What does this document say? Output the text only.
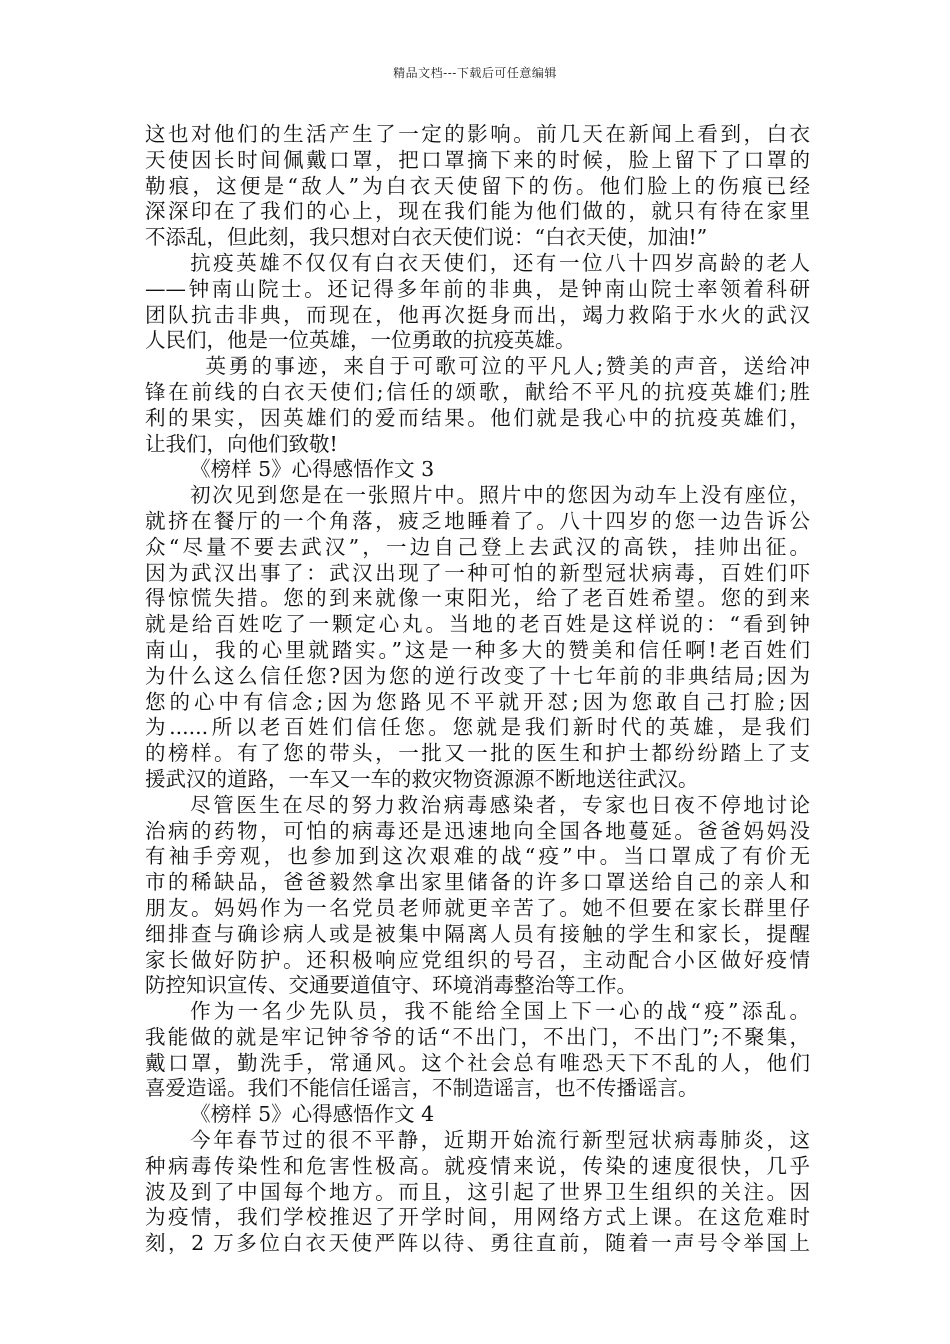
精品文档---下载后可任意编辑
这也对他们的生活产生了一定的影响。前几天在新闻上看到，白衣
天使因长时间佩戴口罩，把口罩摘下来的时候，脸上留下了口罩的
勒痕，这便是“敌人”为白衣天使留下的伤。他们脸上的伤痕已经
深深印在了我们的心上，现在我们能为他们做的，就只有待在家里
不添乱，但此刻，我只想对白衣天使们说：“白衣天使，加油!”
抗疫英雄不仅仅有白衣天使们，还有一位八十四岁高龄的老人
——钟南山院士。还记得多年前的非典，是钟南山院士率领着科研
团队抗击非典，而现在，他再次挺身而出，竭力救陷于水火的武汉
人民们，他是一位英雄，一位勇敢的抗疫英雄。
英勇的事迹，来自于可歌可泣的平凡人;赞美的声音，送给冲
锋在前线的白衣天使们;信任的颂歌，献给不平凡的抗疫英雄们;胜
利的果实，因英雄们的爱而结果。他们就是我心中的抗疫英雄们，
让我们，向他们致敬!
《榜样 5》心得感悟作文 3
初次见到您是在一张照片中。照片中的您因为动车上没有座位，
就挤在餐厅的一个角落，疲乏地睡着了。八十四岁的您一边告诉公
众“尽量不要去武汉”，一边自己登上去武汉的高铁，挂帅出征。
因为武汉出事了：武汉出现了一种可怕的新型冠状病毒，百姓们吓
得惊慌失措。您的到来就像一束阳光，给了老百姓希望。您的到来
就是给百姓吃了一颗定心丸。当地的老百姓是这样说的：“看到钟
南山，我的心里就踏实。”这是一种多大的赞美和信任啊!老百姓们
为什么这么信任您?因为您的逆行改变了十七年前的非典结局;因为
您的心中有信念;因为您路见不平就开怼;因为您敢自己打脸;因
为......所以老百姓们信任您。您就是我们新时代的英雄，是我们
的榜样。有了您的带头，一批又一批的医生和护士都纷纷踏上了支
援武汉的道路，一车又一车的救灾物资源源不断地送往武汉。
尽管医生在尽的努力救治病毒感染者，专家也日夜不停地讨论
治病的药物，可怕的病毒还是迅速地向全国各地蔓延。爸爸妈妈没
有袖手旁观，也参加到这次艰难的战“疫”中。当口罩成了有价无
市的稀缺品，爸爸毅然拿出家里储备的许多口罩送给自己的亲人和
朋友。妈妈作为一名党员老师就更辛苦了。她不但要在家长群里仔
细排查与确诊病人或是被集中隔离人员有接触的学生和家长，提醒
家长做好防护。还积极响应党组织的号召，主动配合小区做好疫情
防控知识宣传、交通要道值守、环境消毒整治等工作。
作为一名少先队员，我不能给全国上下一心的战“疫”添乱。
我能做的就是牢记钟爷爷的话“不出门，不出门，不出门”;不聚集，
戴口罩，勤洗手，常通风。这个社会总有唯恐天下不乱的人，他们
喜爱造谣。我们不能信任谣言，不制造谣言，也不传播谣言。
《榜样 5》心得感悟作文 4
今年春节过的很不平静，近期开始流行新型冠状病毒肺炎，这
种病毒传染性和危害性极高。就疫情来说，传染的速度很快，几乎
波及到了中国每个地方。而且，这引起了世界卫生组织的关注。因
为疫情，我们学校推迟了开学时间，用网络方式上课。在这危难时
刻，2 万多位白衣天使严阵以待、勇往直前，随着一声号令举国上
